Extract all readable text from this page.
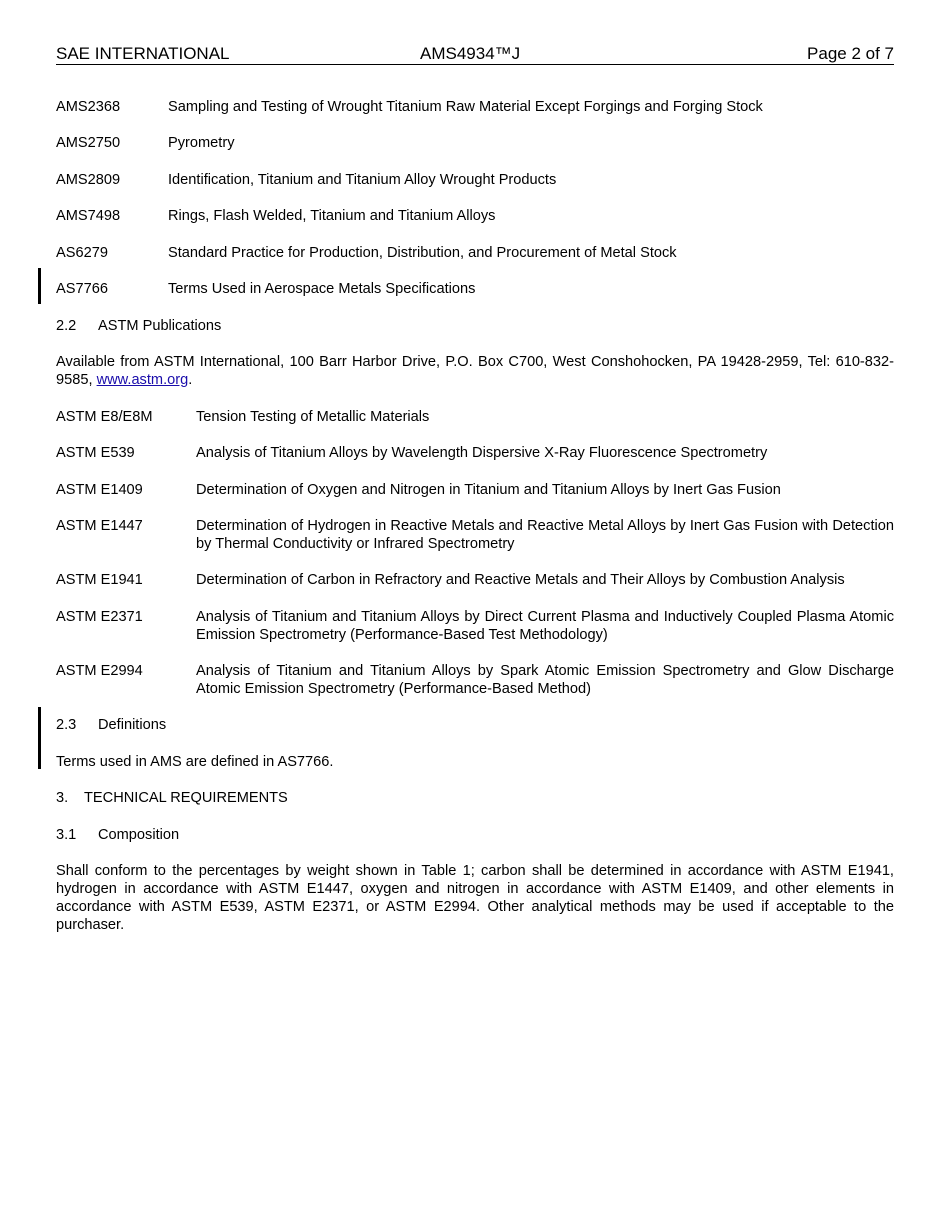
SAE INTERNATIONAL	AMS4934™J	Page 2 of 7
AMS2368	Sampling and Testing of Wrought Titanium Raw Material Except Forgings and Forging Stock
AMS2750	Pyrometry
AMS2809	Identification, Titanium and Titanium Alloy Wrought Products
AMS7498	Rings, Flash Welded, Titanium and Titanium Alloys
AS6279	Standard Practice for Production, Distribution, and Procurement of Metal Stock
AS7766	Terms Used in Aerospace Metals Specifications
2.2 ASTM Publications
Available from ASTM International, 100 Barr Harbor Drive, P.O. Box C700, West Conshohocken, PA 19428-2959, Tel: 610-832-9585, www.astm.org.
ASTM E8/E8M	Tension Testing of Metallic Materials
ASTM E539	Analysis of Titanium Alloys by Wavelength Dispersive X-Ray Fluorescence Spectrometry
ASTM E1409	Determination of Oxygen and Nitrogen in Titanium and Titanium Alloys by Inert Gas Fusion
ASTM E1447	Determination of Hydrogen in Reactive Metals and Reactive Metal Alloys by Inert Gas Fusion with Detection by Thermal Conductivity or Infrared Spectrometry
ASTM E1941	Determination of Carbon in Refractory and Reactive Metals and Their Alloys by Combustion Analysis
ASTM E2371	Analysis of Titanium and Titanium Alloys by Direct Current Plasma and Inductively Coupled Plasma Atomic Emission Spectrometry (Performance-Based Test Methodology)
ASTM E2994	Analysis of Titanium and Titanium Alloys by Spark Atomic Emission Spectrometry and Glow Discharge Atomic Emission Spectrometry (Performance-Based Method)
2.3 Definitions
Terms used in AMS are defined in AS7766.
3. TECHNICAL REQUIREMENTS
3.1 Composition
Shall conform to the percentages by weight shown in Table 1; carbon shall be determined in accordance with ASTM E1941, hydrogen in accordance with ASTM E1447, oxygen and nitrogen in accordance with ASTM E1409, and other elements in accordance with ASTM E539, ASTM E2371, or ASTM E2994. Other analytical methods may be used if acceptable to the purchaser.
